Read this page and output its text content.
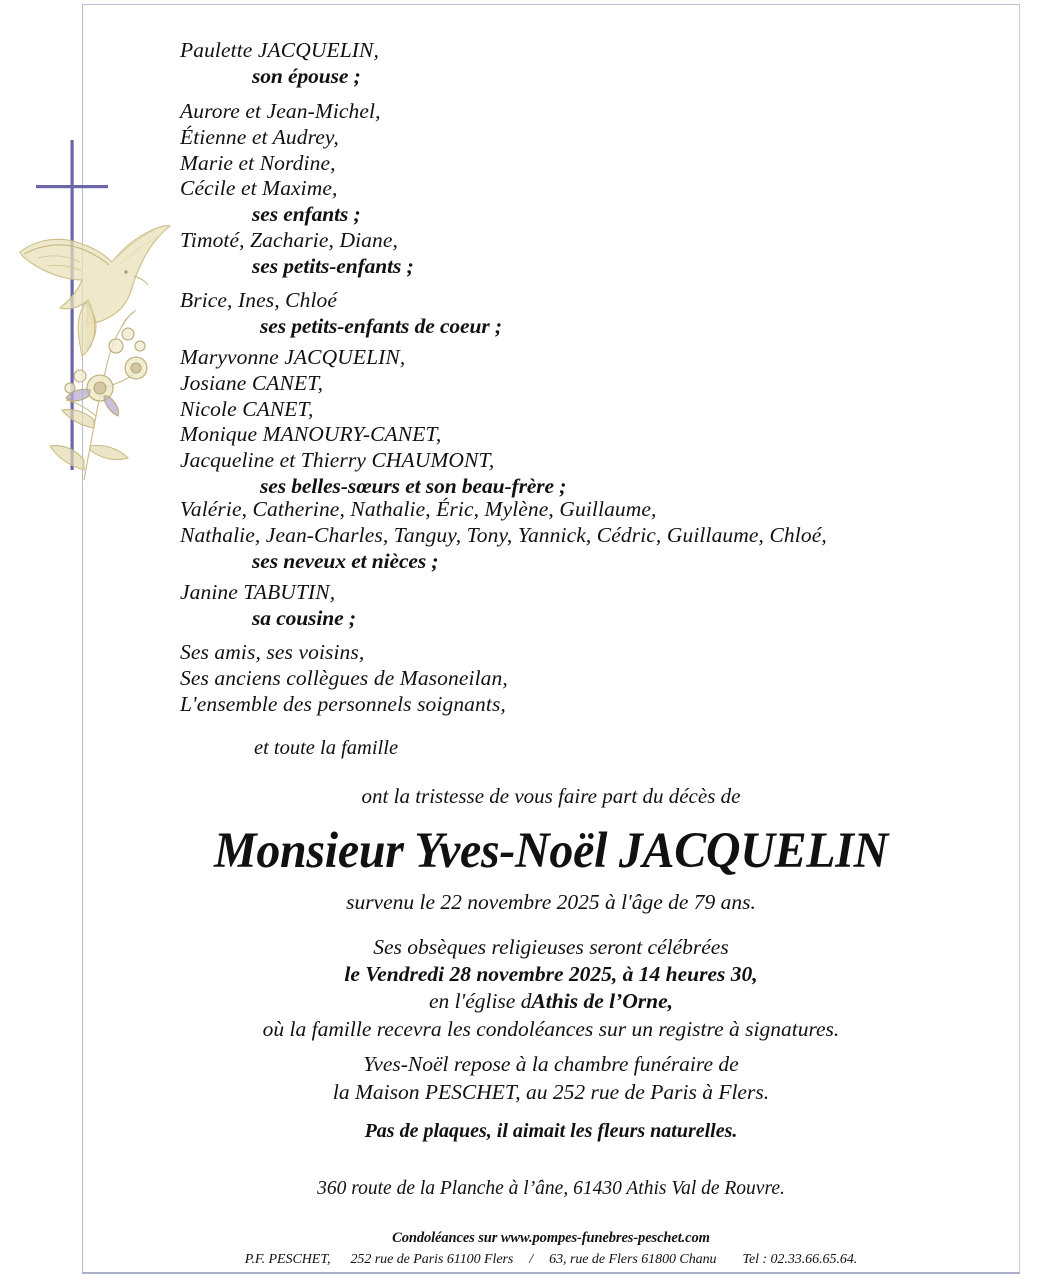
Paulette JACQUELIN,
son épouse ;
Aurore et Jean-Michel,
Étienne et Audrey,
Marie et Nordine,
Cécile et Maxime,
ses enfants ;
Timoté, Zacharie, Diane,
ses petits-enfants ;
Brice, Ines, Chloé
ses petits-enfants de coeur ;
Maryvonne JACQUELIN,
Josiane CANET,
Nicole CANET,
Monique MANOURY-CANET,
Jacqueline et Thierry CHAUMONT,
ses belles-sœurs et son beau-frère ;
Valérie, Catherine, Nathalie, Éric, Mylène, Guillaume,
Nathalie, Jean-Charles, Tanguy, Tony, Yannick, Cédric, Guillaume, Chloé,
ses neveux et nièces ;
Janine TABUTIN,
sa cousine ;
Ses amis, ses voisins,
Ses anciens collègues de Masoneilan,
L'ensemble des personnels soignants,
et toute la famille
ont la tristesse de vous faire part du décès de
Monsieur Yves-Noël JACQUELIN
survenu le 22 novembre 2025 à l'âge de 79 ans.
Ses obsèques religieuses seront célébrées
le Vendredi 28 novembre 2025, à 14 heures 30,
en l'église dAthis de l’Orne,
où la famille recevra les condoléances sur un registre à signatures.
Yves-Noël repose à la chambre funéraire de
la Maison PESCHET, au 252 rue de Paris à Flers.
Pas de plaques, il aimait les fleurs naturelles.
360 route de la Planche à l’âne, 61430 Athis Val de Rouvre.
Condoléances sur www.pompes-funebres-peschet.com
P.F. PESCHET, 252 rue de Paris 61100 Flers / 63, rue de Flers 61800 Chanu Tel : 02.33.66.65.64.
